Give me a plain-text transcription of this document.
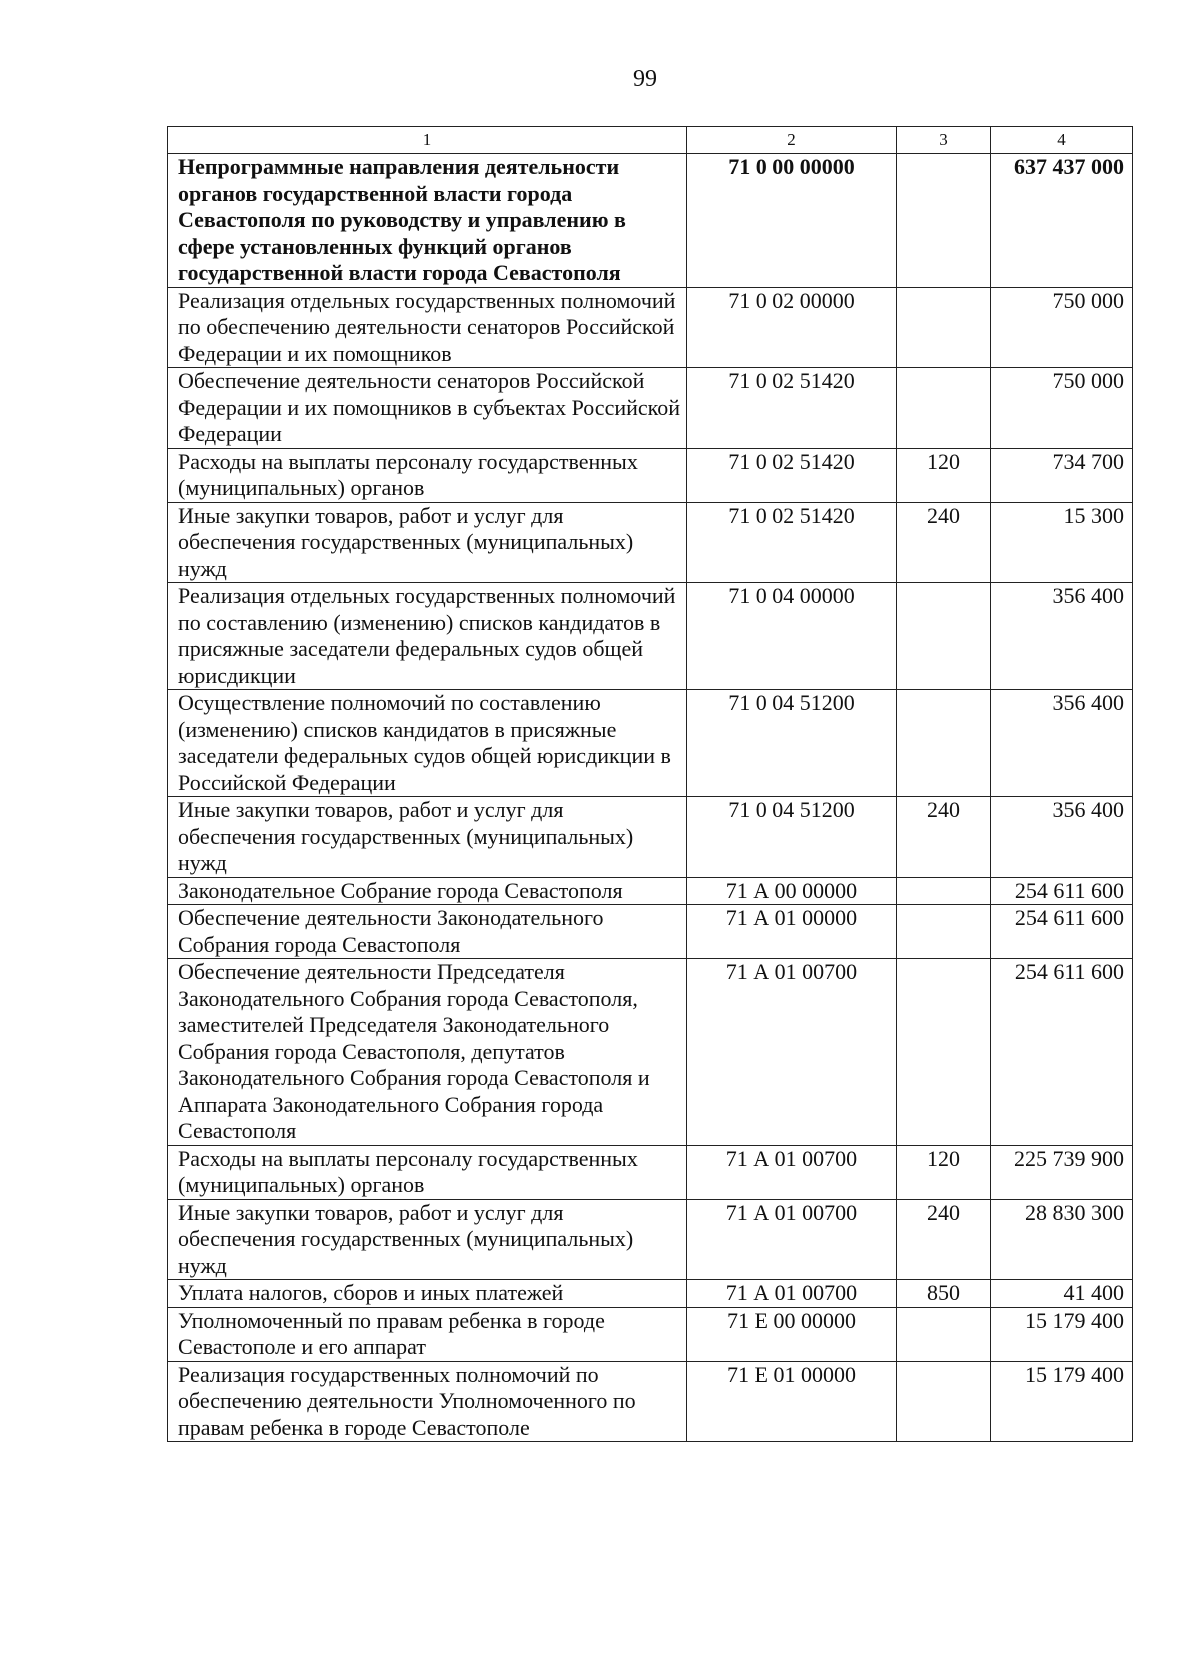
99
1	2	3	4
Непрограммные направления деятельности органов государственной власти города Севастополя по руководству и управлению в сфере установленных функций органов государственной власти города Севастополя	71 0 00 00000		637 437 000
Реализация отдельных государственных полномочий по обеспечению деятельности сенаторов Российской Федерации и их помощников	71 0 02 00000		750 000
Обеспечение деятельности сенаторов Российской Федерации и их помощников в субъектах Российской Федерации	71 0 02 51420		750 000
Расходы на выплаты персоналу государственных (муниципальных) органов	71 0 02 51420	120	734 700
Иные закупки товаров, работ и услуг для обеспечения государственных (муниципальных) нужд	71 0 02 51420	240	15 300
Реализация отдельных государственных полномочий по составлению (изменению) списков кандидатов в присяжные заседатели федеральных судов общей юрисдикции	71 0 04 00000		356 400
Осуществление полномочий по составлению (изменению) списков кандидатов в присяжные заседатели федеральных судов общей юрисдикции в Российской Федерации	71 0 04 51200		356 400
Иные закупки товаров, работ и услуг для обеспечения государственных (муниципальных) нужд	71 0 04 51200	240	356 400
Законодательное Собрание города Севастополя	71 А 00 00000		254 611 600
Обеспечение деятельности Законодательного Собрания города Севастополя	71 А 01 00000		254 611 600
Обеспечение деятельности Председателя Законодательного Собрания города Севастополя, заместителей Председателя Законодательного Собрания города Севастополя, депутатов Законодательного Собрания города Севастополя и Аппарата Законодательного Собрания города Севастополя	71 А 01 00700		254 611 600
Расходы на выплаты персоналу государственных (муниципальных) органов	71 А 01 00700	120	225 739 900
Иные закупки товаров, работ и услуг для обеспечения государственных (муниципальных) нужд	71 А 01 00700	240	28 830 300
Уплата налогов, сборов и иных платежей	71 А 01 00700	850	41 400
Уполномоченный по правам ребенка в городе Севастополе и его аппарат	71 Е 00 00000		15 179 400
Реализация государственных полномочий по обеспечению деятельности Уполномоченного по правам ребенка в городе Севастополе	71 Е 01 00000		15 179 400
